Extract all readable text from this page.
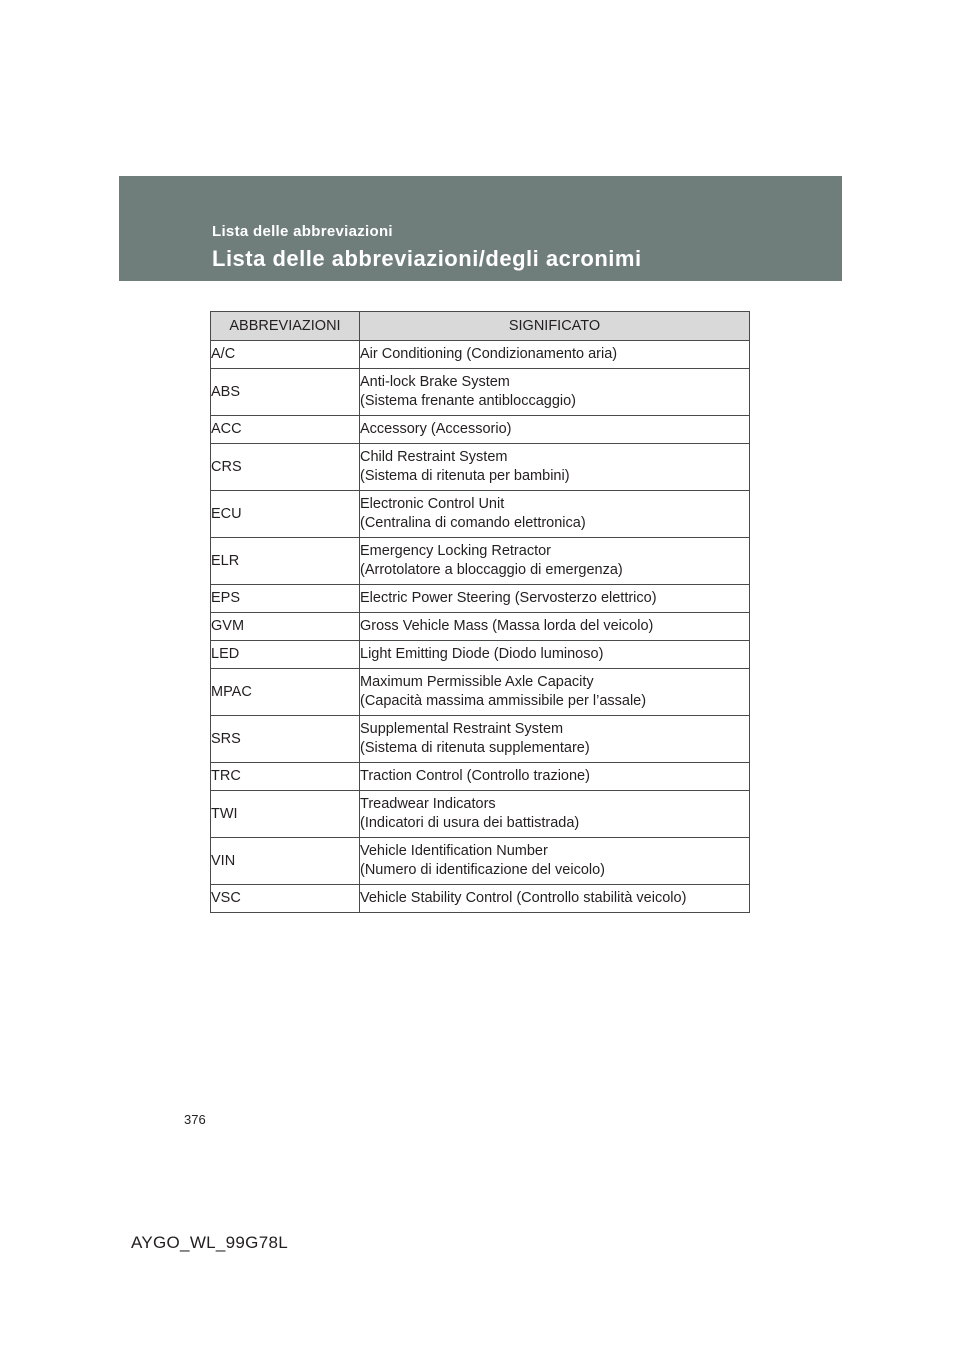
Lista delle abbreviazioni
Lista delle abbreviazioni/degli acronimi
ABBREVIAZIONI	SIGNIFICATO
A/C	Air Conditioning (Condizionamento aria)

ABS	Anti-lock Brake System
(Sistema frenante antibloccaggio)

ACC	Accessory (Accessorio)

CRS	Child Restraint System
(Sistema di ritenuta per bambini)

ECU	Electronic Control Unit
(Centralina di comando elettronica)

ELR	Emergency Locking Retractor
(Arrotolatore a bloccaggio di emergenza)

EPS	Electric Power Steering (Servosterzo elettrico)

GVM	Gross Vehicle Mass (Massa lorda del veicolo)

LED	Light Emitting Diode (Diodo luminoso)

MPAC	Maximum Permissible Axle Capacity
(Capacità massima ammissibile per l’assale)

SRS	Supplemental Restraint System
(Sistema di ritenuta supplementare)

TRC	Traction Control (Controllo trazione)

TWI	Treadwear Indicators
(Indicatori di usura dei battistrada)

VIN	Vehicle Identification Number
(Numero di identificazione del veicolo)

VSC	Vehicle Stability Control (Controllo stabilità veicolo)
376
AYGO_WL_99G78L
